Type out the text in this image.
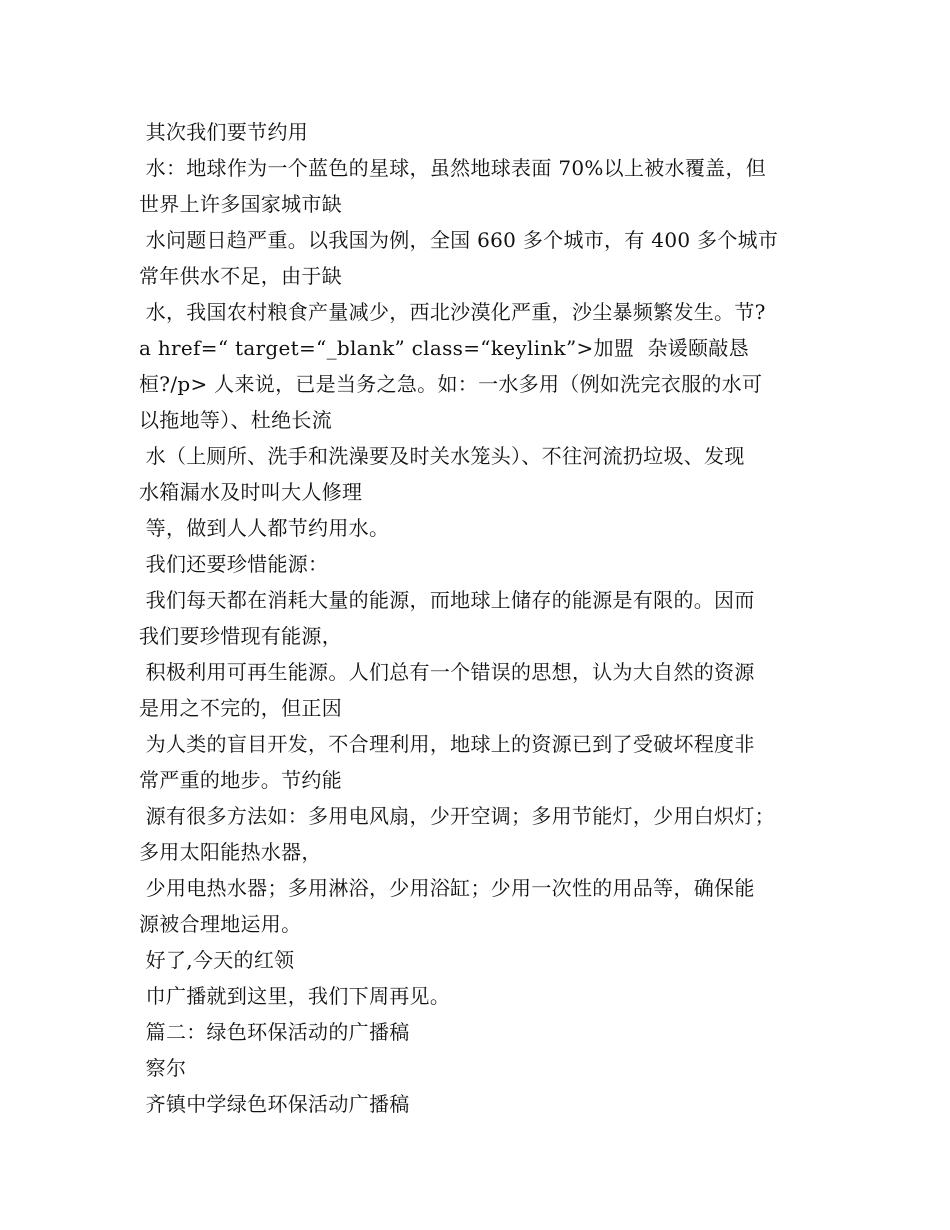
其次我们要节约用
水：地球作为一个蓝色的星球，虽然地球表面 70%以上被水覆盖，但
世界上许多国家城市缺
水问题日趋严重。以我国为例，全国 660 多个城市，有 400 多个城市
常年供水不足，由于缺
水，我国农村粮食产量减少，西北沙漠化严重，沙尘暴频繁发生。节?
a href=“ target=“_blank” class=“keylink”>加盟  杂谖颐敲恳
桓?/p> 人来说，已是当务之急。如：一水多用（例如洗完衣服的水可
以拖地等）、杜绝长流
水（上厕所、洗手和洗澡要及时关水笼头）、不往河流扔垃圾、发现
水箱漏水及时叫大人修理
等，做到人人都节约用水。
我们还要珍惜能源：
我们每天都在消耗大量的能源，而地球上储存的能源是有限的。因而
我们要珍惜现有能源，
积极利用可再生能源。人们总有一个错误的思想，认为大自然的资源
是用之不完的，但正因
为人类的盲目开发，不合理利用，地球上的资源已到了受破坏程度非
常严重的地步。节约能
源有很多方法如：多用电风扇，少开空调；多用节能灯，少用白炽灯；
多用太阳能热水器，
少用电热水器；多用淋浴，少用浴缸；少用一次性的用品等，确保能
源被合理地运用。
好了,今天的红领
巾广播就到这里，我们下周再见。
篇二：绿色环保活动的广播稿
察尔
齐镇中学绿色环保活动广播稿
